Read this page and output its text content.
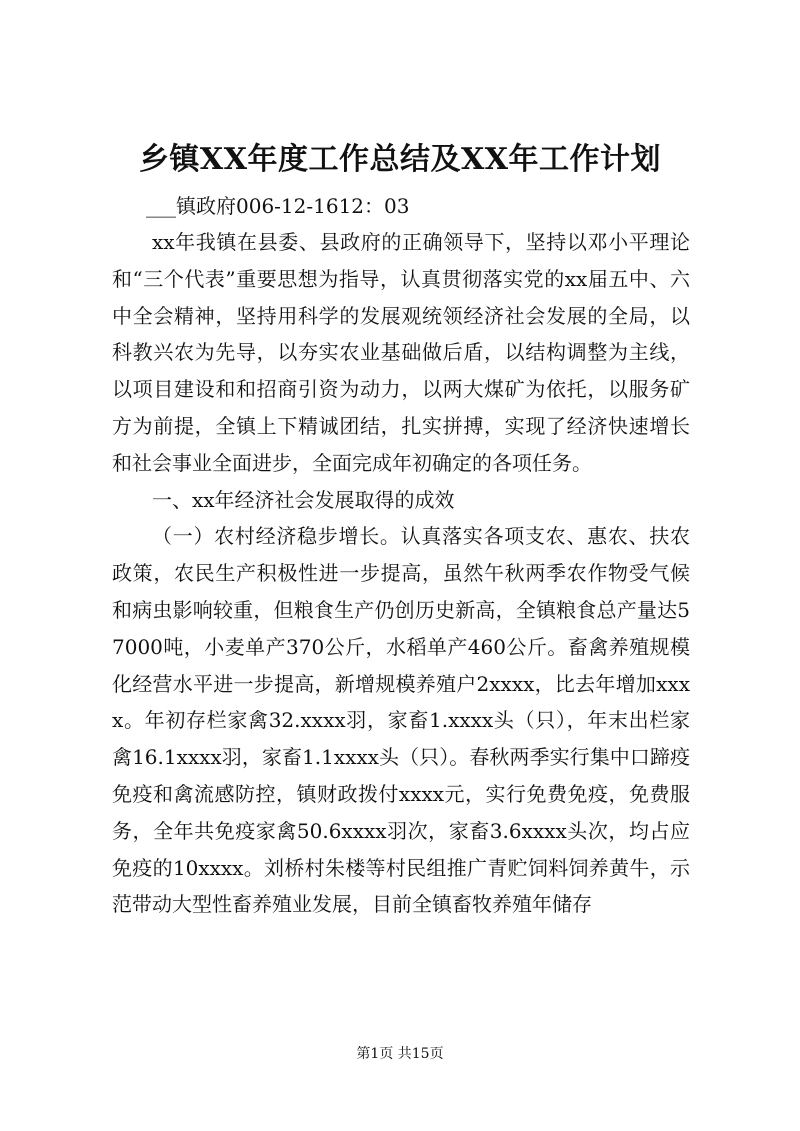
乡镇XX年度工作总结及XX年工作计划
___镇政府006-12-1612：03

xx年我镇在县委、县政府的正确领导下，坚持以邓小平理论和“三个代表”重要思想为指导，认真贯彻落实党的xx届五中、六中全会精神，坚持用科学的发展观统领经济社会发展的全局，以科教兴农为先导，以夯实农业基础做后盾，以结构调整为主线，以项目建设和和招商引资为动力，以两大煤矿为依托，以服务矿方为前提，全镇上下精诚团结，扎实拼搏，实现了经济快速增长和社会事业全面进步，全面完成年初确定的各项任务。

一、xx年经济社会发展取得的成效

（一）农村经济稳步增长。认真落实各项支农、惠农、扶农政策，农民生产积极性进一步提高，虽然午秋两季农作物受气候和病虫影响较重，但粮食生产仍创历史新高，全镇粮食总产量达57000吨，小麦单产370公斤，水稻单产460公斤。畜禽养殖规模化经营水平进一步提高，新增规模养殖户2xxxx，比去年增加xxxx。年初存栏家禽32.xxxx羽，家畜1.xxxx头（只），年末出栏家禽16.1xxxx羽，家畜1.1xxxx头（只）。春秋两季实行集中口蹄疫免疫和禽流感防控，镇财政拨付xxxx元，实行免费免疫，免费服务，全年共免疫家禽50.6xxxx羽次，家畜3.6xxxx头次，均占应免疫的10xxxx。刘桥村朱楼等村民组推广青贮饲料饲养黄牛，示范带动大型性畜养殖业发展，目前全镇畜牧养殖年储存

第1页 共15页
